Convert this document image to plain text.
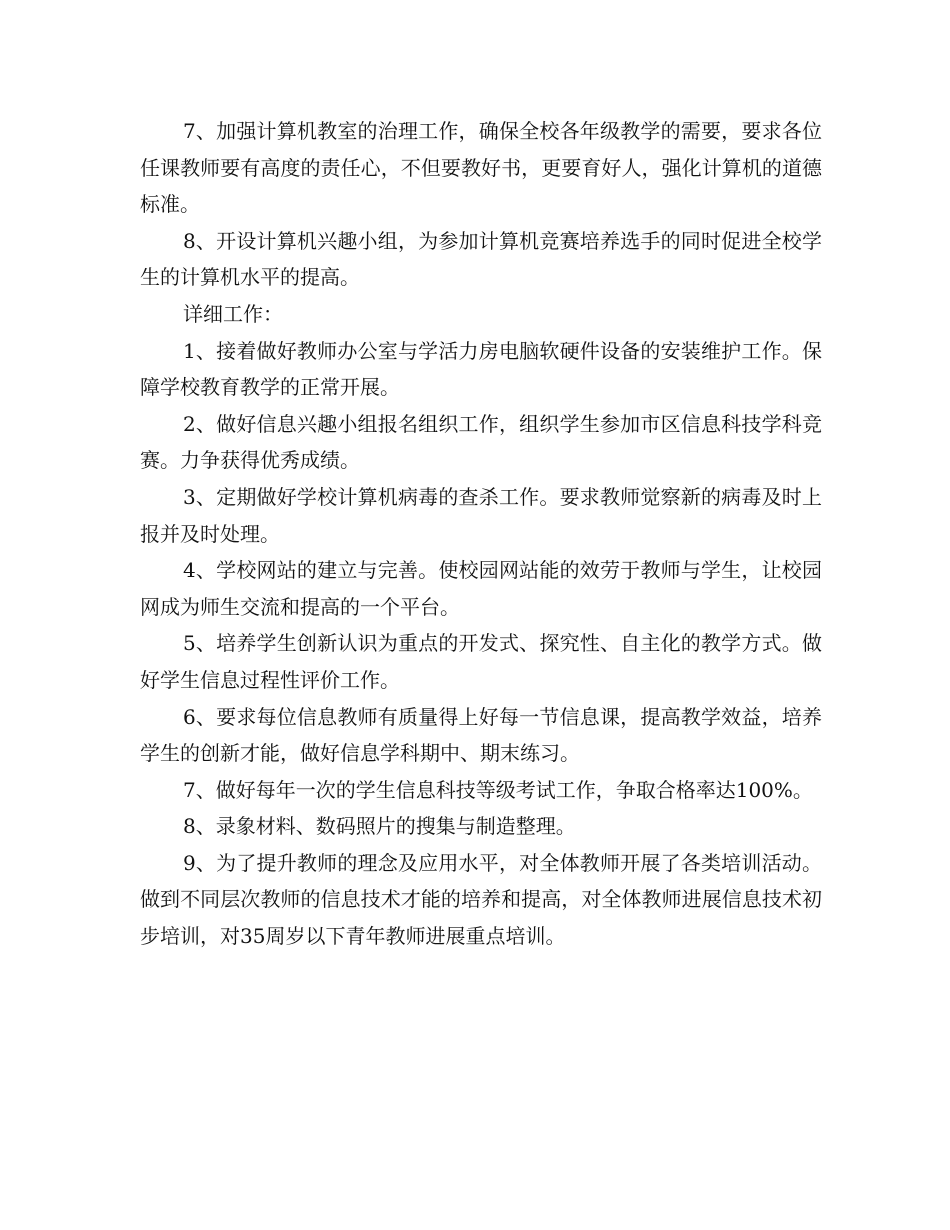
7、加强计算机教室的治理工作，确保全校各年级教学的需要，要求各位任课教师要有高度的责任心，不但要教好书，更要育好人，强化计算机的道德标准。

8、开设计算机兴趣小组，为参加计算机竞赛培养选手的同时促进全校学生的计算机水平的提高。

详细工作：

1、接着做好教师办公室与学活力房电脑软硬件设备的安装维护工作。保障学校教育教学的正常开展。

2、做好信息兴趣小组报名组织工作，组织学生参加市区信息科技学科竞赛。力争获得优秀成绩。

3、定期做好学校计算机病毒的查杀工作。要求教师觉察新的病毒及时上报并及时处理。

4、学校网站的建立与完善。使校园网站能的效劳于教师与学生，让校园网成为师生交流和提高的一个平台。

5、培养学生创新认识为重点的开发式、探究性、自主化的教学方式。做好学生信息过程性评价工作。

6、要求每位信息教师有质量得上好每一节信息课，提高教学效益，培养学生的创新才能，做好信息学科期中、期末练习。

7、做好每年一次的学生信息科技等级考试工作，争取合格率达100%。

8、录象材料、数码照片的搜集与制造整理。

9、为了提升教师的理念及应用水平，对全体教师开展了各类培训活动。做到不同层次教师的信息技术才能的培养和提高，对全体教师进展信息技术初步培训，对35周岁以下青年教师进展重点培训。
